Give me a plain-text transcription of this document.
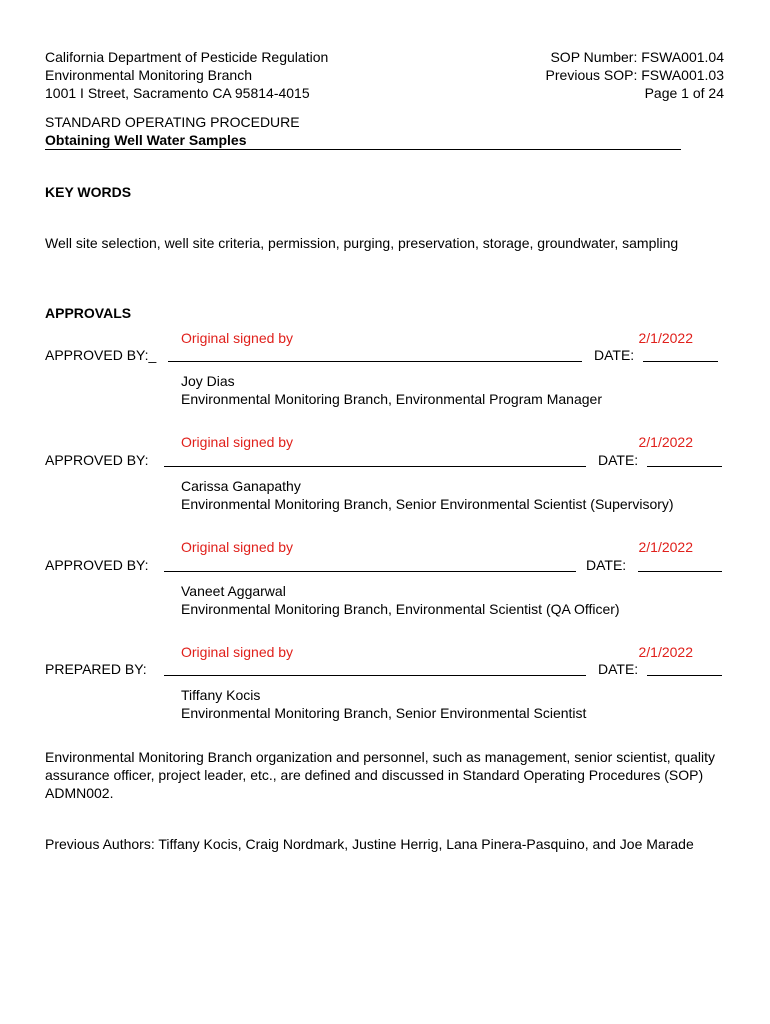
California Department of Pesticide Regulation
Environmental Monitoring Branch
1001 I Street, Sacramento CA 95814-4015
SOP Number: FSWA001.04
Previous SOP: FSWA001.03
Page 1 of 24
STANDARD OPERATING PROCEDURE
Obtaining Well Water Samples
KEY WORDS
Well site selection, well site criteria, permission, purging, preservation, storage, groundwater, sampling
APPROVALS
Original signed by	2/1/2022
APPROVED BY:_	DATE:
Joy Dias
Environmental Monitoring Branch, Environmental Program Manager
Original signed by	2/1/2022
APPROVED BY:	DATE:
Carissa Ganapathy
Environmental Monitoring Branch, Senior Environmental Scientist (Supervisory)
Original signed by	2/1/2022
APPROVED BY:	DATE:
Vaneet Aggarwal
Environmental Monitoring Branch, Environmental Scientist (QA Officer)
Original signed by	2/1/2022
PREPARED BY:	DATE:
Tiffany Kocis
Environmental Monitoring Branch, Senior Environmental Scientist
Environmental Monitoring Branch organization and personnel, such as management, senior scientist, quality assurance officer, project leader, etc., are defined and discussed in Standard Operating Procedures (SOP) ADMN002.
Previous Authors: Tiffany Kocis, Craig Nordmark, Justine Herrig, Lana Pinera-Pasquino, and Joe Marade
